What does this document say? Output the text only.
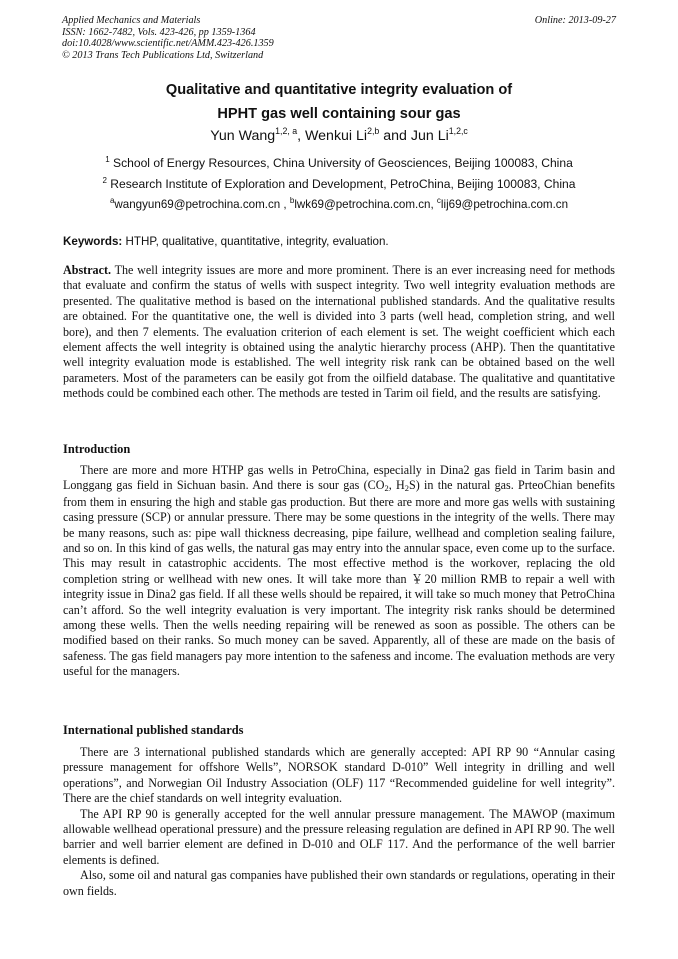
Applied Mechanics and Materials
ISSN: 1662-7482, Vols. 423-426, pp 1359-1364
doi:10.4028/www.scientific.net/AMM.423-426.1359
© 2013 Trans Tech Publications Ltd, Switzerland
Online: 2013-09-27
Qualitative and quantitative integrity evaluation of
HPHT gas well containing sour gas
Yun Wang$^{1,2, a}$, Wenkui Li$^{2,b}$ and Jun Li$^{1,2,c}$
$^1$ School of Energy Resources, China University of Geosciences, Beijing 100083, China
$^2$ Research Institute of Exploration and Development, PetroChina, Beijing 100083, China
$^a$wangyun69@petrochina.com.cn , $^b$lwk69@petrochina.com.cn, $^c$lij69@petrochina.com.cn
Keywords: HTHP, qualitative, quantitative, integrity, evaluation.

Abstract. The well integrity issues are more and more prominent. There is an ever increasing need for methods that evaluate and confirm the status of wells with suspect integrity. Two well integrity evaluation methods are presented. The qualitative method is based on the international published standards. And the qualitative results are obtained. For the quantitative one, the well is divided into 3 parts (well head, completion string, and well bore), and then 7 elements. The evaluation criterion of each element is set. The weight coefficient which each element affects the well integrity is obtained using the analytic hierarchy process (AHP). Then the quantitative well integrity evaluation mode is established. The well integrity risk rank can be obtained based on the well parameters. Most of the parameters can be easily got from the oilfield database. The qualitative and quantitative methods could be combined each other. The methods are tested in Tarim oil field, and the results are satisfying.

Introduction

There are more and more HTHP gas wells in PetroChina, especially in Dina2 gas field in Tarim basin and Longgang gas field in Sichuan basin. And there is sour gas (CO2, H2S) in the natural gas. PrteoChian benefits from them in ensuring the high and stable gas production. But there are more and more gas wells with sustaining casing pressure (SCP) or annular pressure. There may be some questions in the integrity of the wells. There may be many reasons, such as: pipe wall thickness decreasing, pipe failure, wellhead and completion sealing failure, and so on. In this kind of gas wells, the natural gas may entry into the annular space, even come up to the surface. This may result in catastrophic accidents. The most effective method is the workover, replacing the old completion string or wellhead with new ones. It will take more than ￥20 million RMB to repair a well with integrity issue in Dina2 gas field. If all these wells should be repaired, it will take so much money that PetroChina can’t afford. So the well integrity evaluation is very important. The integrity risk ranks should be determined among these wells. Then the wells needing repairing will be renewed as soon as possible. The others can be modified based on their ranks. So much money can be saved. Apparently, all of these are made on the basis of safeness. The gas field managers pay more intention to the safeness and income. The evaluation methods are very useful for the managers.

International published standards

There are 3 international published standards which are generally accepted: API RP 90 “Annular casing pressure management for offshore Wells”, NORSOK standard D-010” Well integrity in drilling and well operations”, and Norwegian Oil Industry Association (OLF) 117 “Recommended guideline for well integrity”. There are the chief standards on well integrity evaluation.

The API RP 90 is generally accepted for the well annular pressure management. The MAWOP (maximum allowable wellhead operational pressure) and the pressure releasing regulation are defined in API RP 90. The well barrier and well barrier element are defined in D-010 and OLF 117. And the performance of the well barrier elements is defined.

Also, some oil and natural gas companies have published their own standards or regulations, operating in their own fields.
